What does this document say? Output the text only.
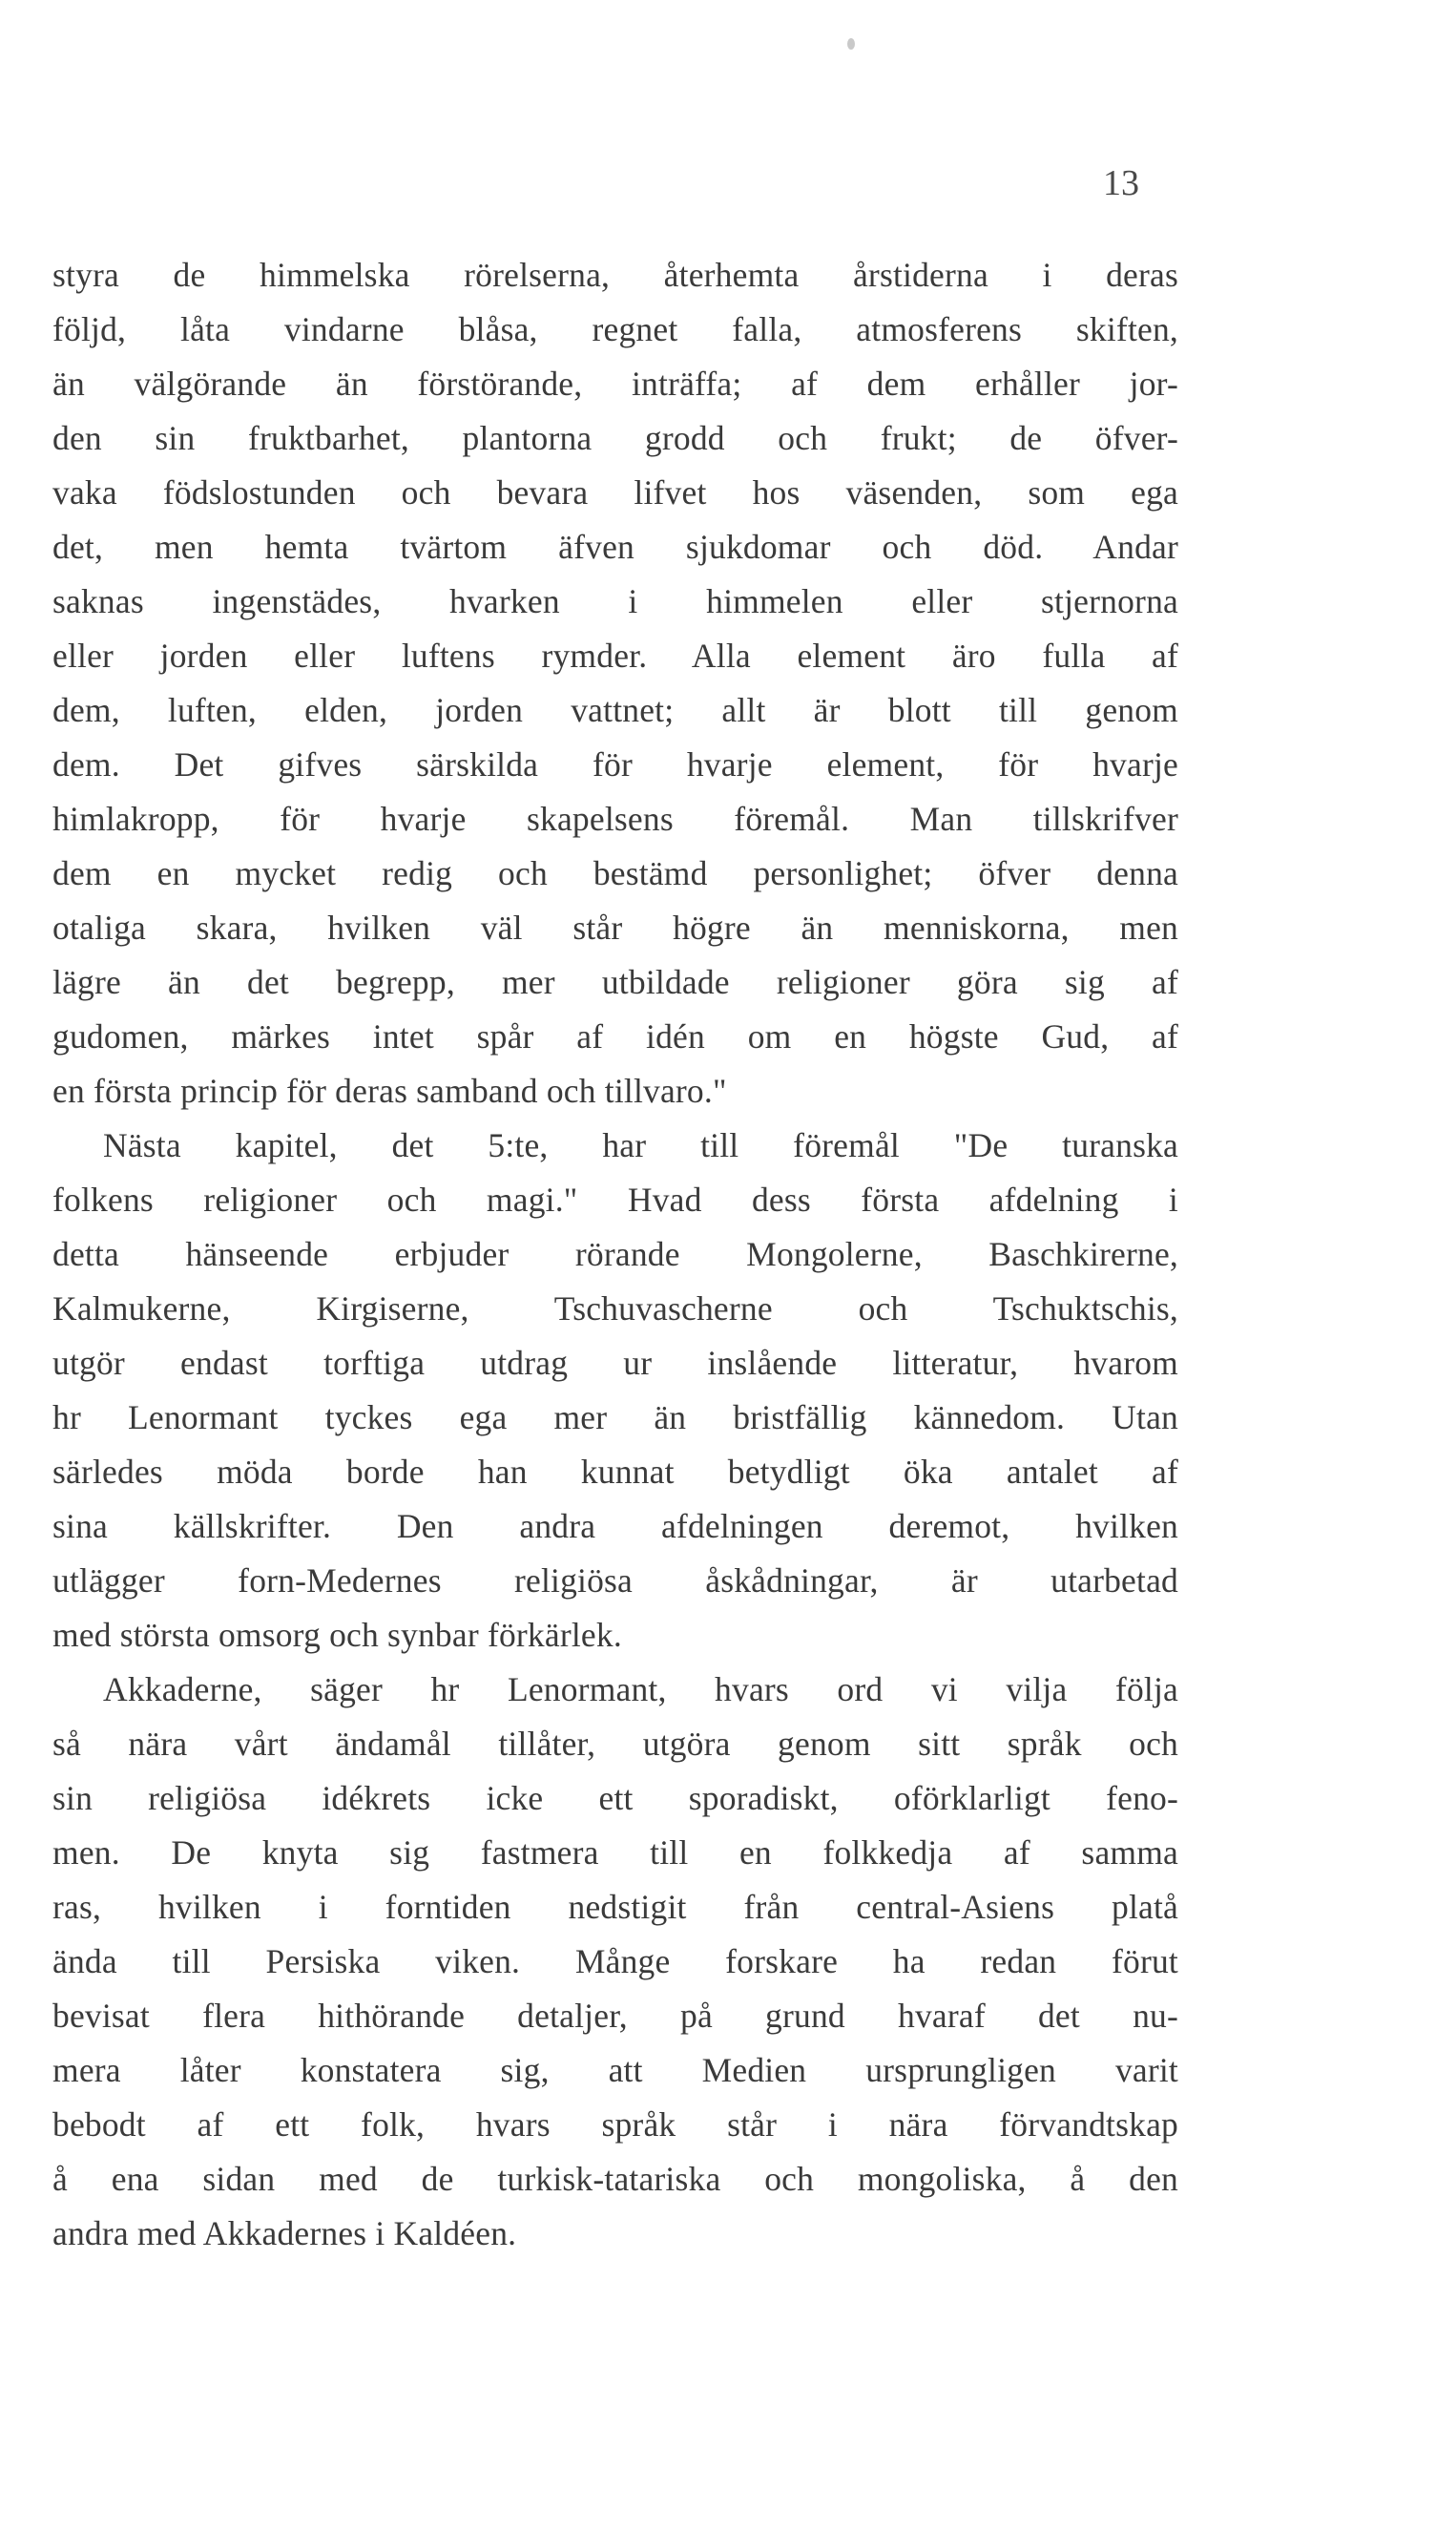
13
styra de himmelska rörelserna, återhemta årstiderna i deras
följd, låta vindarne blåsa, regnet falla, atmosferens skiften,
än välgörande än förstörande, inträffa; af dem erhåller jor-
den sin fruktbarhet, plantorna grodd och frukt; de öfver-
vaka födslostunden och bevara lifvet hos väsenden, som ega
det, men hemta tvärtom äfven sjukdomar och död. Andar
saknas ingenstädes, hvarken i himmelen eller stjernorna
eller jorden eller luftens rymder. Alla element äro fulla af
dem, luften, elden, jorden vattnet; allt är blott till genom
dem. Det gifves särskilda för hvarje element, för hvarje
himlakropp, för hvarje skapelsens föremål. Man tillskrifver
dem en mycket redig och bestämd personlighet; öfver denna
otaliga skara, hvilken väl står högre än menniskorna, men
lägre än det begrepp, mer utbildade religioner göra sig af
gudomen, märkes intet spår af idén om en högste Gud, af
en första princip för deras samband och tillvaro."
Nästa kapitel, det 5:te, har till föremål "De turanska
folkens religioner och magi." Hvad dess första afdelning i
detta hänseende erbjuder rörande Mongolerne, Baschkirerne,
Kalmukerne, Kirgiserne, Tschuvascherne och Tschuktschis,
utgör endast torftiga utdrag ur inslående litteratur, hvarom
hr Lenormant tyckes ega mer än bristfällig kännedom. Utan
särledes möda borde han kunnat betydligt öka antalet af
sina källskrifter. Den andra afdelningen deremot, hvilken
utlägger forn-Medernes religiösa åskådningar, är utarbetad
med största omsorg och synbar förkärlek.
Akkaderne, säger hr Lenormant, hvars ord vi vilja följa
så nära vårt ändamål tillåter, utgöra genom sitt språk och
sin religiösa idékrets icke ett sporadiskt, oförklarligt feno-
men. De knyta sig fastmera till en folkkedja af samma
ras, hvilken i forntiden nedstigit från central-Asiens platå
ända till Persiska viken. Månge forskare ha redan förut
bevisat flera hithörande detaljer, på grund hvaraf det nu-
mera låter konstatera sig, att Medien ursprungligen varit
bebodt af ett folk, hvars språk står i nära förvandtskap
å ena sidan med de turkisk-tatariska och mongoliska, å den
andra med Akkadernes i Kaldéen.
